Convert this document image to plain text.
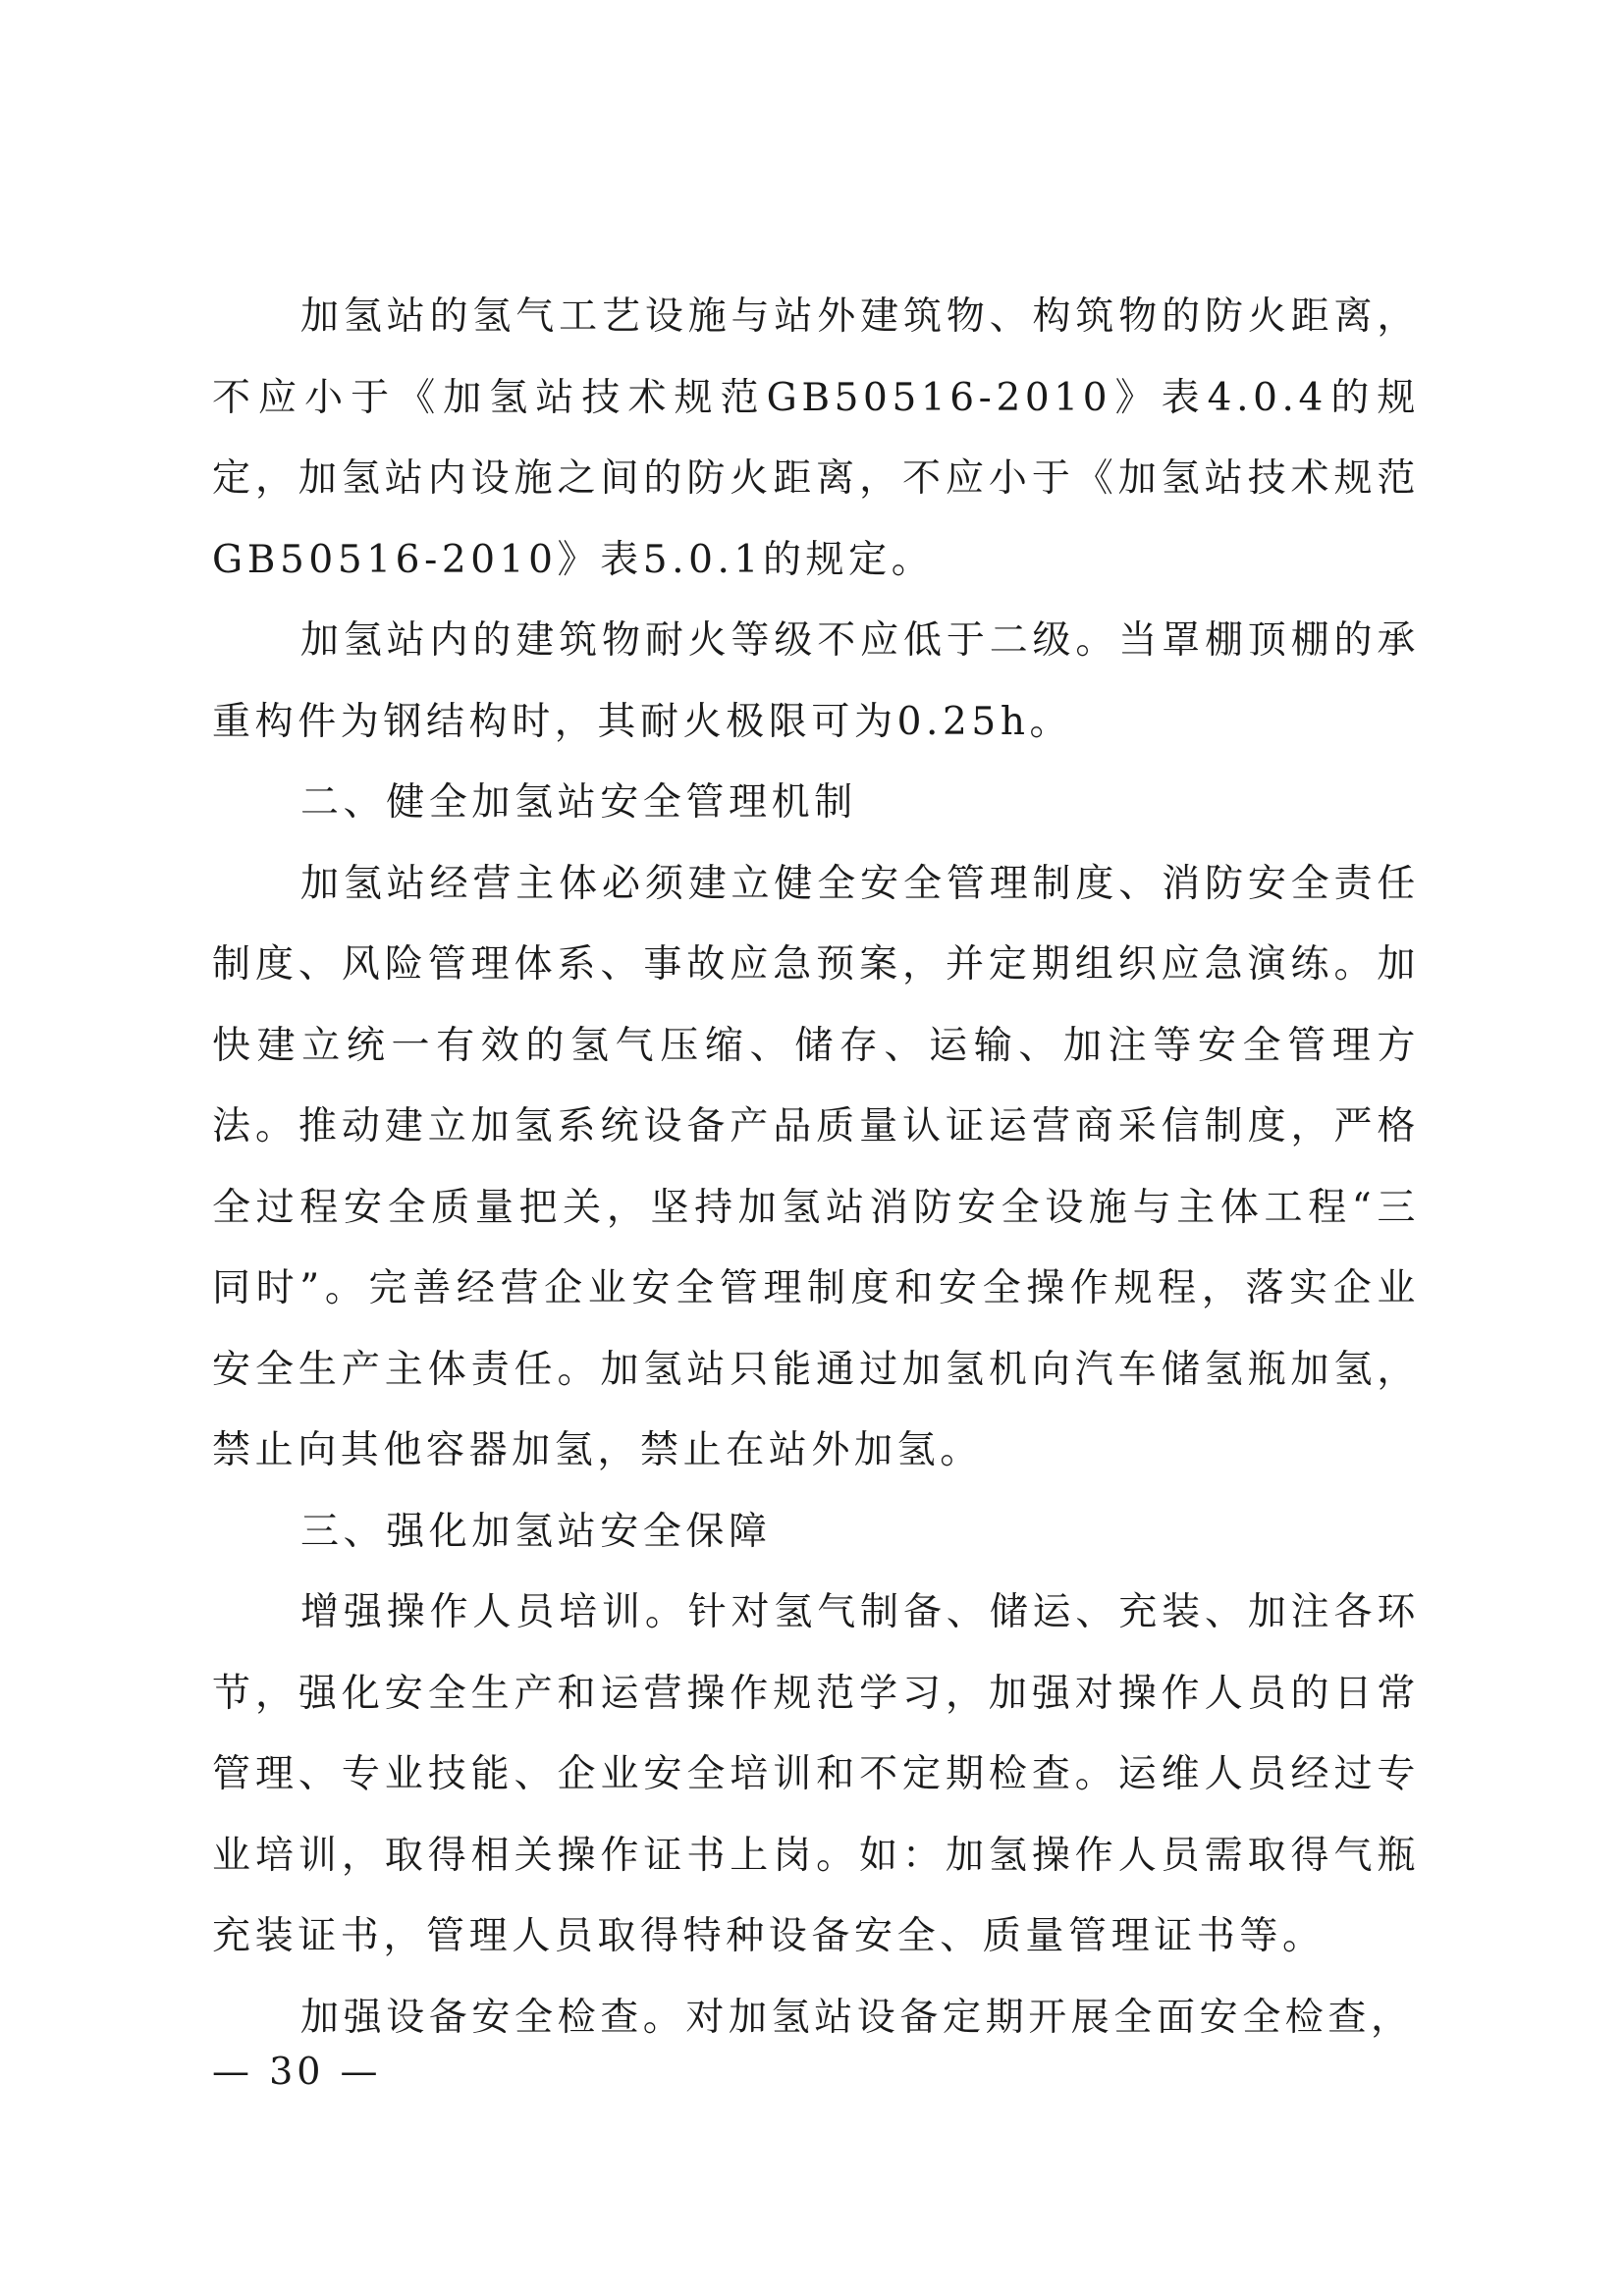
加氢站的氢气工艺设施与站外建筑物、构筑物的防火距离，不应小于《加氢站技术规范GB50516-2010》表4.0.4的规定，加氢站内设施之间的防火距离，不应小于《加氢站技术规范GB50516-2010》表5.0.1的规定。

加氢站内的建筑物耐火等级不应低于二级。当罩棚顶棚的承重构件为钢结构时，其耐火极限可为0.25h。

二、健全加氢站安全管理机制

加氢站经营主体必须建立健全安全管理制度、消防安全责任制度、风险管理体系、事故应急预案，并定期组织应急演练。加快建立统一有效的氢气压缩、储存、运输、加注等安全管理方法。推动建立加氢系统设备产品质量认证运营商采信制度，严格全过程安全质量把关，坚持加氢站消防安全设施与主体工程“三同时”。完善经营企业安全管理制度和安全操作规程，落实企业安全生产主体责任。加氢站只能通过加氢机向汽车储氢瓶加氢，禁止向其他容器加氢，禁止在站外加氢。

三、强化加氢站安全保障

增强操作人员培训。针对氢气制备、储运、充装、加注各环节，强化安全生产和运营操作规范学习，加强对操作人员的日常管理、专业技能、企业安全培训和不定期检查。运维人员经过专业培训，取得相关操作证书上岗。如：加氢操作人员需取得气瓶充装证书，管理人员取得特种设备安全、质量管理证书等。

加强设备安全检查。对加氢站设备定期开展全面安全检查，

— 30 —
